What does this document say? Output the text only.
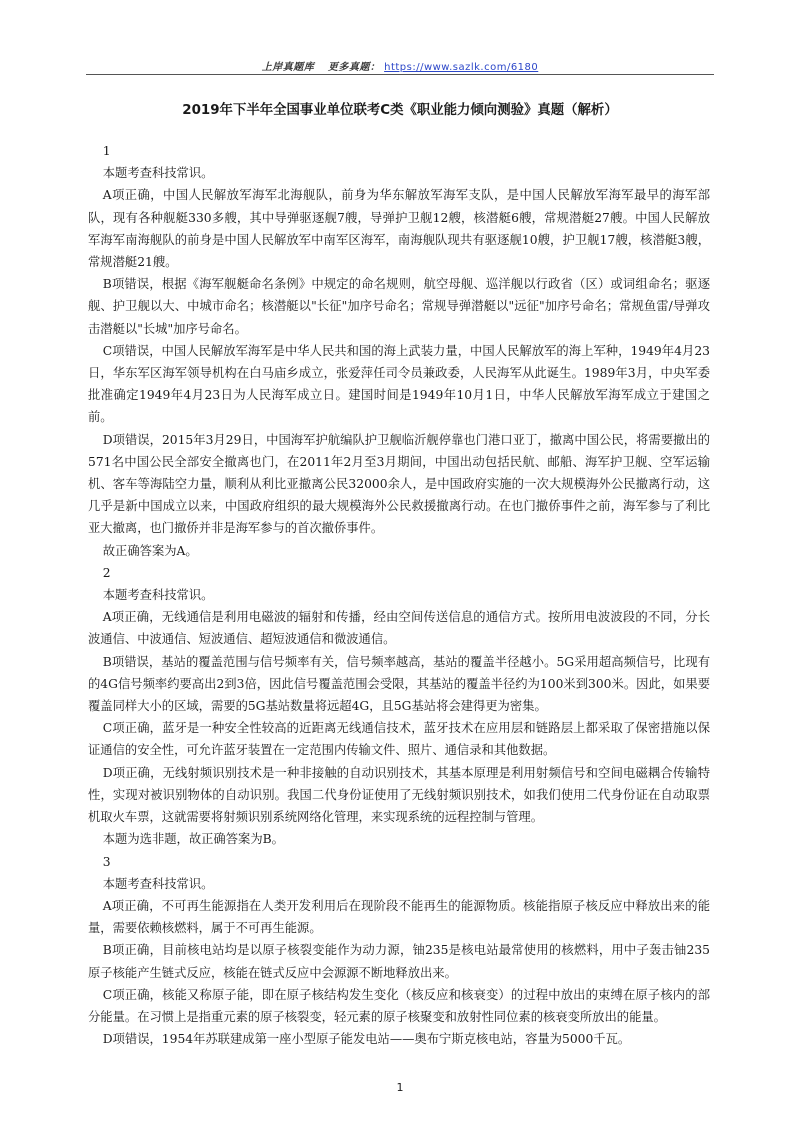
上岸真题库 更多真题： https://www.sazlk.com/6180
2019年下半年全国事业单位联考C类《职业能力倾向测验》真题（解析）

1

本题考查科技常识。

A项正确，中国人民解放军海军北海舰队，前身为华东解放军海军支队，是中国人民解放军海军最早的海军部队，现有各种舰艇330多艘，其中导弹驱逐舰7艘，导弹护卫舰12艘，核潜艇6艘，常规潜艇27艘。中国人民解放军海军南海舰队的前身是中国人民解放军中南军区海军，南海舰队现共有驱逐舰10艘，护卫舰17艘，核潜艇3艘，常规潜艇21艘。

B项错误，根据《海军舰艇命名条例》中规定的命名规则，航空母舰、巡洋舰以行政省（区）或词组命名；驱逐舰、护卫舰以大、中城市命名；核潜艇以"长征"加序号命名；常规导弹潜艇以"远征"加序号命名；常规鱼雷/导弹攻击潜艇以"长城"加序号命名。

C项错误，中国人民解放军海军是中华人民共和国的海上武装力量，中国人民解放军的海上军种，1949年4月23日，华东军区海军领导机构在白马庙乡成立，张爱萍任司令员兼政委，人民海军从此诞生。1989年3月，中央军委批准确定1949年4月23日为人民海军成立日。建国时间是1949年10月1日，中华人民解放军海军成立于建国之前。

D项错误，2015年3月29日，中国海军护航编队护卫舰临沂舰停靠也门港口亚丁，撤离中国公民，将需要撤出的571名中国公民全部安全撤离也门，在2011年2月至3月期间，中国出动包括民航、邮船、海军护卫舰、空军运输机、客车等海陆空力量，顺利从利比亚撤离公民32000余人，是中国政府实施的一次大规模海外公民撤离行动，这几乎是新中国成立以来，中国政府组织的最大规模海外公民救援撤离行动。在也门撤侨事件之前，海军参与了利比亚大撤离，也门撤侨并非是海军参与的首次撤侨事件。

故正确答案为A。

2

本题考查科技常识。

A项正确，无线通信是利用电磁波的辐射和传播，经由空间传送信息的通信方式。按所用电波波段的不同，分长波通信、中波通信、短波通信、超短波通信和微波通信。

B项错误，基站的覆盖范围与信号频率有关，信号频率越高，基站的覆盖半径越小。5G采用超高频信号，比现有的4G信号频率约要高出2到3倍，因此信号覆盖范围会受限，其基站的覆盖半径约为100米到300米。因此，如果要覆盖同样大小的区域，需要的5G基站数量将远超4G，且5G基站将会建得更为密集。

C项正确，蓝牙是一种安全性较高的近距离无线通信技术，蓝牙技术在应用层和链路层上都采取了保密措施以保证通信的安全性，可允许蓝牙装置在一定范围内传输文件、照片、通信录和其他数据。

D项正确，无线射频识别技术是一种非接触的自动识别技术，其基本原理是利用射频信号和空间电磁耦合传输特性，实现对被识别物体的自动识别。我国二代身份证使用了无线射频识别技术，如我们使用二代身份证在自动取票机取火车票，这就需要将射频识别系统网络化管理，来实现系统的远程控制与管理。

本题为选非题，故正确答案为B。

3

本题考查科技常识。

A项正确，不可再生能源指在人类开发利用后在现阶段不能再生的能源物质。核能指原子核反应中释放出来的能量，需要依赖核燃料，属于不可再生能源。

B项正确，目前核电站均是以原子核裂变能作为动力源，铀235是核电站最常使用的核燃料，用中子轰击铀235原子核能产生链式反应，核能在链式反应中会源源不断地释放出来。

C项正确，核能又称原子能，即在原子核结构发生变化（核反应和核衰变）的过程中放出的束缚在原子核内的部分能量。在习惯上是指重元素的原子核裂变，轻元素的原子核聚变和放射性同位素的核衰变所放出的能量。

D项错误，1954年苏联建成第一座小型原子能发电站——奥布宁斯克核电站，容量为5000千瓦。

1
